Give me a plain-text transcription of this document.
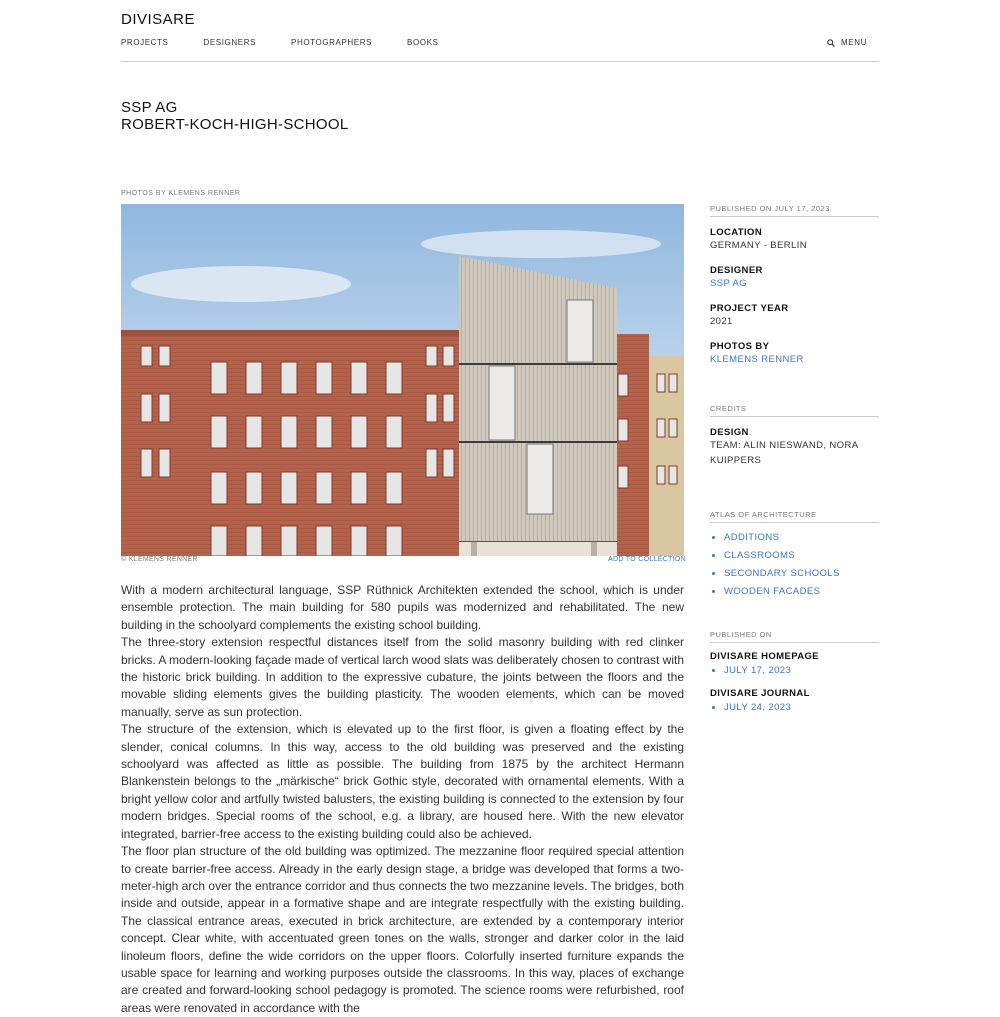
DIVISARE
PROJECTS	DESIGNERS	PHOTOGRAPHERS	BOOKS	MENU
SSP AG
ROBERT-KOCH-HIGH-SCHOOL
PHOTOS BY KLEMENS RENNER
© KLEMENS RENNER	ADD TO COLLECTION

With a modern architectural language, SSP Rüthnick Architekten extended the school, which is under ensemble protection. The main building for 580 pupils was modernized and rehabilitated. The new building in the schoolyard complements the existing school building.

The three-story extension respectful distances itself from the solid masonry building with red clinker bricks. A modern-looking façade made of vertical larch wood slats was deliberately chosen to contrast with the historic brick building. In addition to the expressive cubature, the joints between the floors and the movable sliding elements gives the building plasticity. The wooden elements, which can be moved manually, serve as sun protection.

The structure of the extension, which is elevated up to the first floor, is given a floating effect by the slender, conical columns. In this way, access to the old building was preserved and the existing schoolyard was affected as little as possible. The building from 1875 by the architect Hermann Blankenstein belongs to the „märkische“ brick Gothic style, decorated with ornamental elements. With a bright yellow color and artfully twisted balusters, the existing building is connected to the extension by four modern bridges. Special rooms of the school, e.g. a library, are housed here. With the new elevator integrated, barrier-free access to the existing building could also be achieved.

The floor plan structure of the old building was optimized. The mezzanine floor required special attention to create barrier-free access. Already in the early design stage, a bridge was developed that forms a two-meter-high arch over the entrance corridor and thus connects the two mezzanine levels. The bridges, both inside and outside, appear in a formative shape and are integrate respectfully with the existing building. The classical entrance areas, executed in brick architecture, are extended by a contemporary interior concept. Clear white, with accentuated green tones on the walls, stronger and darker color in the laid linoleum floors, define the wide corridors on the upper floors. Colorfully inserted furniture expands the usable space for learning and working purposes outside the classrooms. In this way, places of exchange are created and forward-looking school pedagogy is promoted. The science rooms were refurbished, roof areas were renovated in accordance with the

PUBLISHED ON JULY 17, 2023
LOCATION
GERMANY - BERLIN
DESIGNER
SSP AG
PROJECT YEAR
2021
PHOTOS BY
KLEMENS RENNER
CREDITS
DESIGN
TEAM: ALIN NIESWAND, NORA KUIPPERS
ATLAS OF ARCHITECTURE
• ADDITIONS
• CLASSROOMS
• SECONDARY SCHOOLS
• WOODEN FACADES
PUBLISHED ON
DIVISARE HOMEPAGE
• JULY 17, 2023
DIVISARE JOURNAL
• JULY 24, 2023
